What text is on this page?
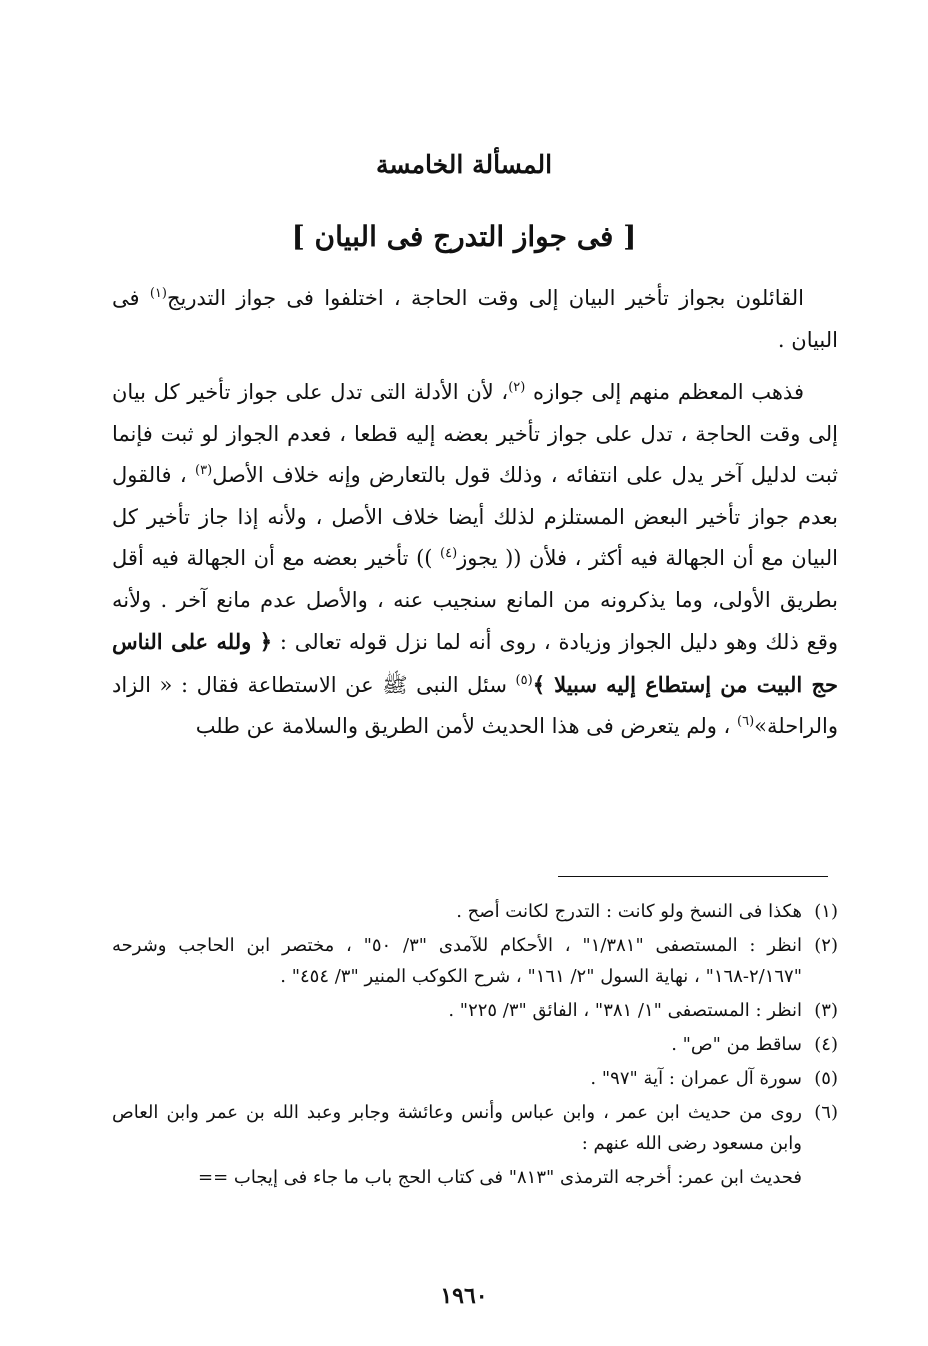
المسألة الخامسة
[ فى جواز التدرج فى البيان ]

القائلون بجواز تأخير البيان إلى وقت الحاجة ، اختلفوا فى جواز التدريج$^{(١)}$ فى البيان .

فذهب المعظم منهم إلى جوازه $^{(٢)}$، لأن الأدلة التى تدل على جواز تأخير كل بيان إلى وقت الحاجة ، تدل على جواز تأخير بعضه إليه قطعا ، فعدم الجواز لو ثبت فإنما ثبت لدليل آخر يدل على انتفائه ، وذلك قول بالتعارض وإنه خلاف الأصل$^{(٣)}$ ، فالقول بعدم جواز تأخير البعض المستلزم لذلك أيضا خلاف الأصل ، ولأنه إذا جاز تأخير كل البيان مع أن الجهالة فيه أكثر ، فلأن (( يجوز$^{(٤)}$ )) تأخير بعضه مع أن الجهالة فيه أقل بطريق الأولى، وما يذكرونه من المانع سنجيب عنه ، والأصل عدم مانع آخر . ولأنه وقع ذلك وهو دليل الجواز وزيادة ، روى أنه لما نزل قوله تعالى : ﴿ ولله على الناس حج البيت من إستطاع إليه سبيلا ﴾$^{(٥)}$ سئل النبى ﷺ عن الاستطاعة فقال : « الزاد والراحلة»$^{(٦)}$ ، ولم يتعرض فى هذا الحديث لأمن الطريق والسلامة عن طلب

(١)
هكذا فى النسخ ولو كانت : التدرج لكانت أصح .
(٢)
انظر : المستصفى "١/٣٨١" ، الأحكام للآمدى "٣/ ٥٠" ، مختصر ابن الحاجب وشرحه "٢/١٦٧-١٦٨" ، نهاية السول "٢/ ١٦١" ، شرح الكوكب المنير "٣/ ٤٥٤" .
(٣)
انظر : المستصفى "١/ ٣٨١" ، الفائق "٣/ ٢٢٥" .
(٤)
ساقط من "ص" .
(٥)
سورة آل عمران : آية "٩٧" .
(٦)
روى من حديث ابن عمر ، وابن عباس وأنس وعائشة وجابر وعبد الله بن عمر وابن العاص وابن مسعود رضى الله عنهم :
فحديث ابن عمر: أخرجه الترمذى "٨١٣" فى كتاب الحج باب ما جاء فى إيجاب ==
١٩٦٠
